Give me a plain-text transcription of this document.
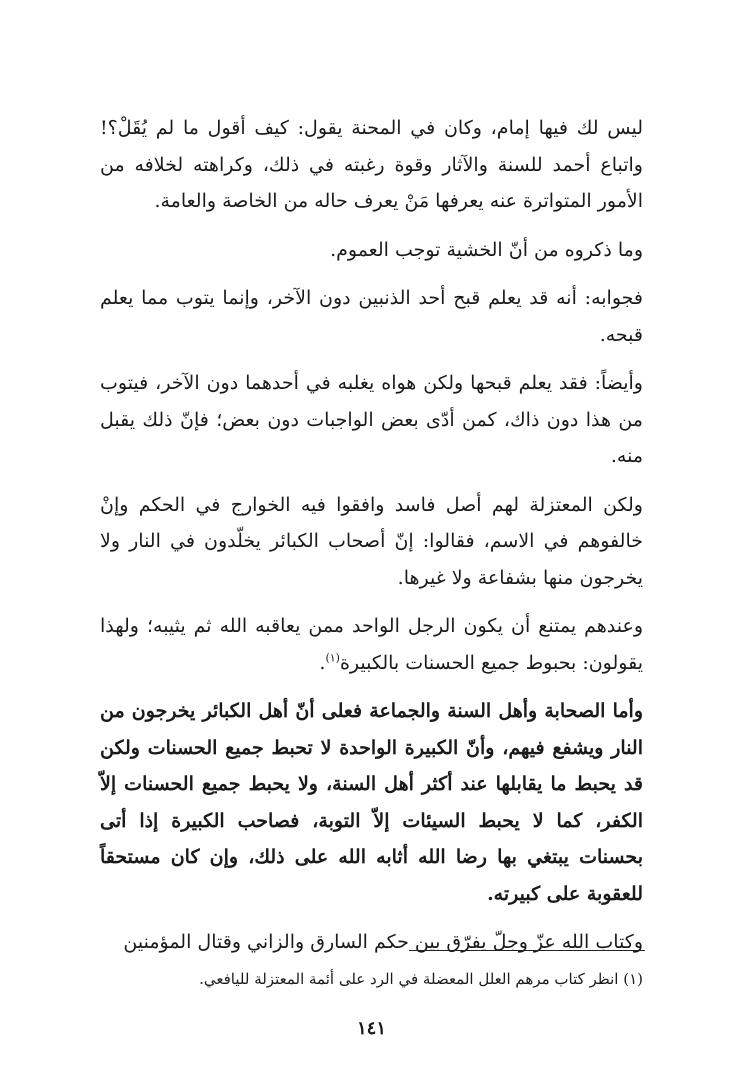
ليس لك فيها إمام، وكان في المحنة يقول: كيف أقول ما لم يُقَلْ؟! واتباع أحمد للسنة والآثار وقوة رغبته في ذلك، وكراهته لخلافه من الأمور المتواترة عنه يعرفها مَنْ يعرف حاله من الخاصة والعامة.

وما ذكروه من أنّ الخشية توجب العموم.

فجوابه: أنه قد يعلم قبح أحد الذنبين دون الآخر، وإنما يتوب مما يعلم قبحه.

وأيضاً: فقد يعلم قبحها ولكن هواه يغلبه في أحدهما دون الآخر، فيتوب من هذا دون ذاك، كمن أدّى بعض الواجبات دون بعض؛ فإنّ ذلك يقبل منه.

ولكن المعتزلة لهم أصل فاسد وافقوا فيه الخوارج في الحكم وإنْ خالفوهم في الاسم، فقالوا: إنّ أصحاب الكبائر يخلّدون في النار ولا يخرجون منها بشفاعة ولا غيرها.

وعندهم يمتنع أن يكون الرجل الواحد ممن يعاقبه الله ثم يثيبه؛ ولهذا يقولون: بحبوط جميع الحسنات بالكبيرة$^{(١)}$.

وأما الصحابة وأهل السنة والجماعة فعلى أنّ أهل الكبائر يخرجون من النار ويشفع فيهم، وأنّ الكبيرة الواحدة لا تحبط جميع الحسنات ولكن قد يحبط ما يقابلها عند أكثر أهل السنة، ولا يحبط جميع الحسنات إلاّ الكفر، كما لا يحبط السيئات إلاّ التوبة، فصاحب الكبيرة إذا أتى بحسنات يبتغي بها رضا الله أثابه الله على ذلك، وإن كان مستحقاً للعقوبة على كبيرته.

وكتاب الله عزّ وجلّ يفرّق بين حكم السارق والزاني وقتال المؤمنين

(١) انظر كتاب مرهم العلل المعضلة في الرد على أئمة المعتزلة لليافعي.
١٤١
